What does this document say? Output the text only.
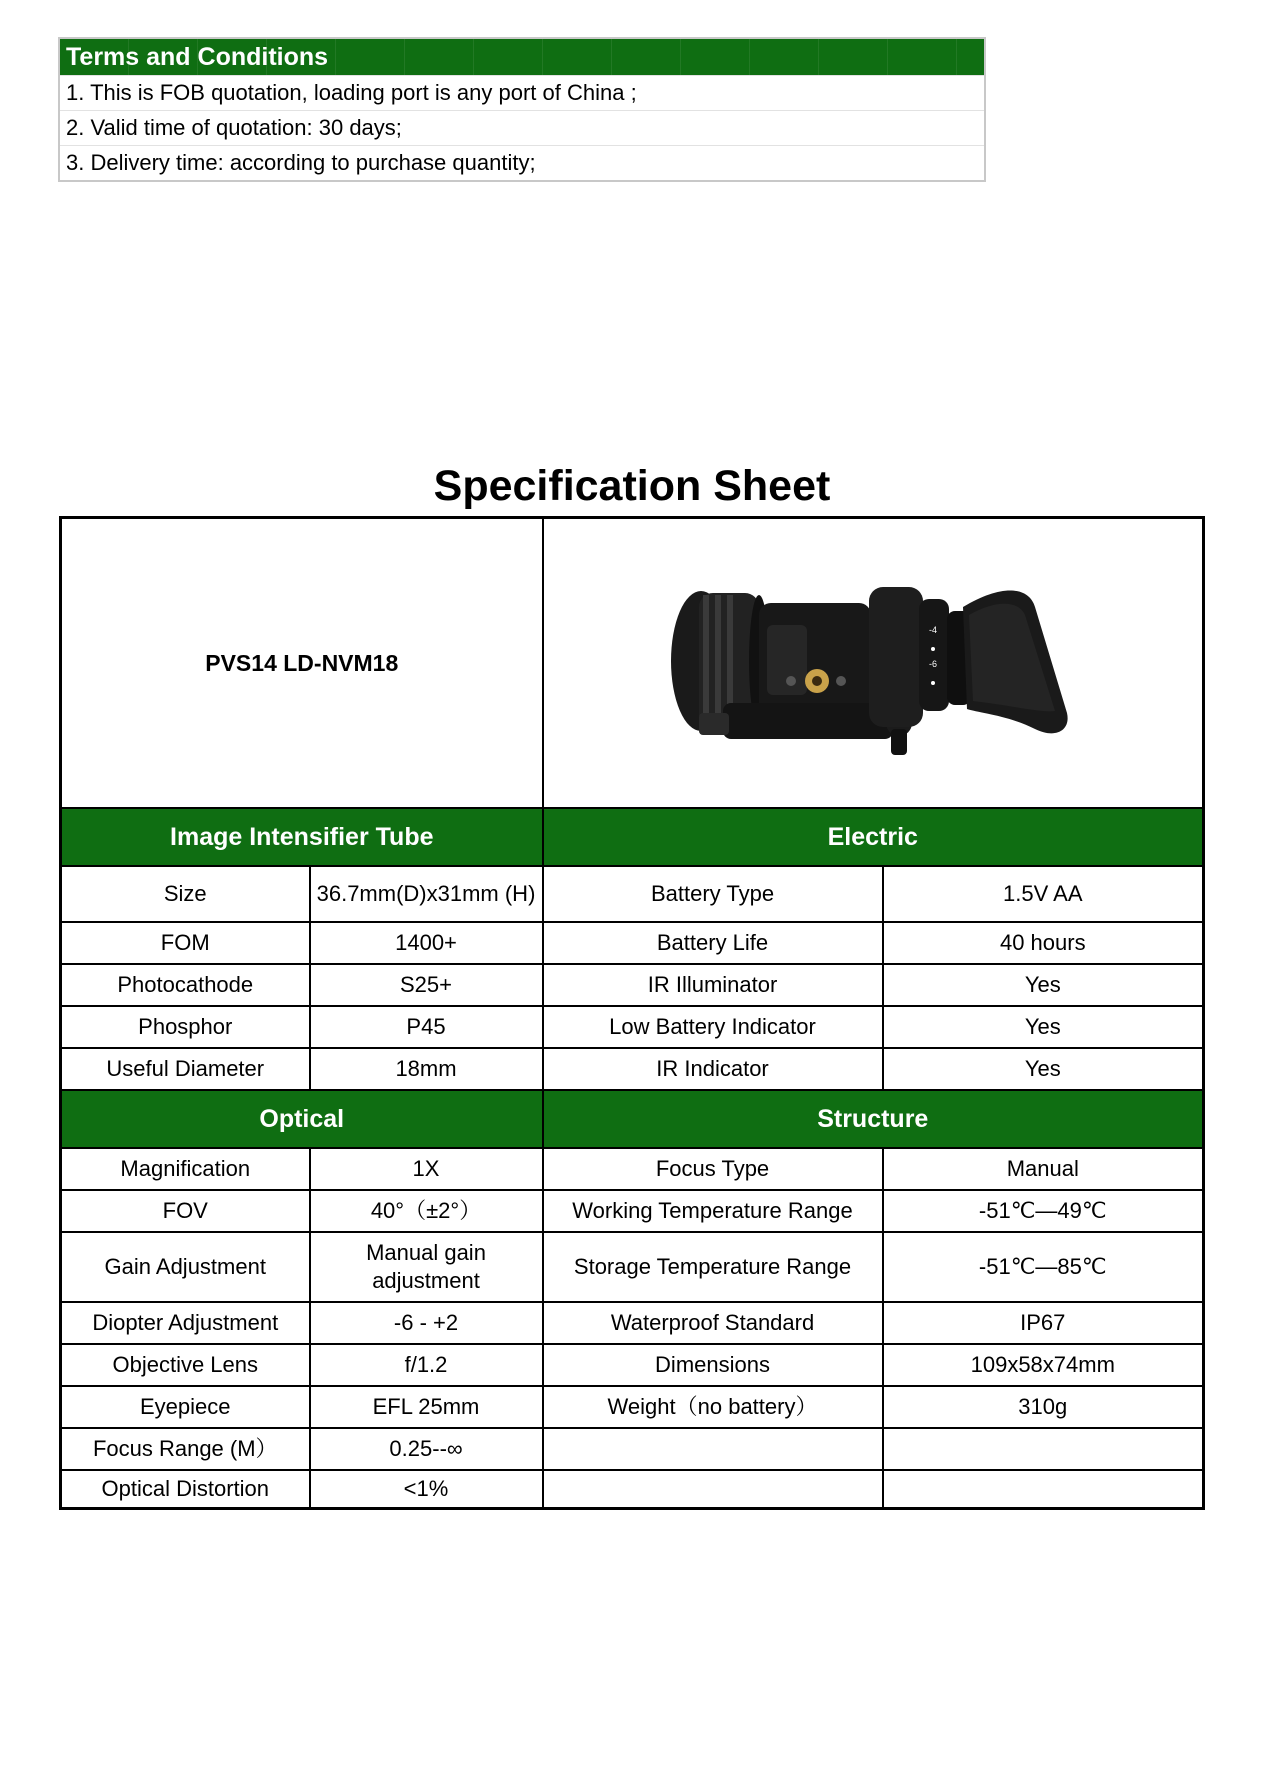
Terms and Conditions
1. This is FOB quotation, loading port is any port of China ;
2. Valid time of quotation: 30 days;
3. Delivery time: according to purchase quantity;
Specification Sheet
PVS14 LD-NVM18		-4
-6	

Image Intensifier Tube		Electric	
Size	36.7mm(D)x31mm (H)	Battery Type	1.5V AA
FOM	1400+	Battery Life	40 hours
Photocathode	S25+	IR Illuminator	Yes
Phosphor	P45	Low Battery Indicator	Yes
Useful Diameter	18mm	IR Indicator	Yes
Optical		Structure	
Magnification	1X	Focus Type	Manual
FOV	40°（±2°）	Working Temperature Range	-51℃—49℃
Gain Adjustment	Manual gain adjustment	Storage Temperature Range	-51℃—85℃
Diopter Adjustment	-6 - +2	Waterproof Standard	IP67
Objective Lens	f/1.2	Dimensions	109x58x74mm
Eyepiece	EFL 25mm	Weight（no battery）	310g
Focus Range (M）	0.25--∞		
Optical Distortion	<1%		
